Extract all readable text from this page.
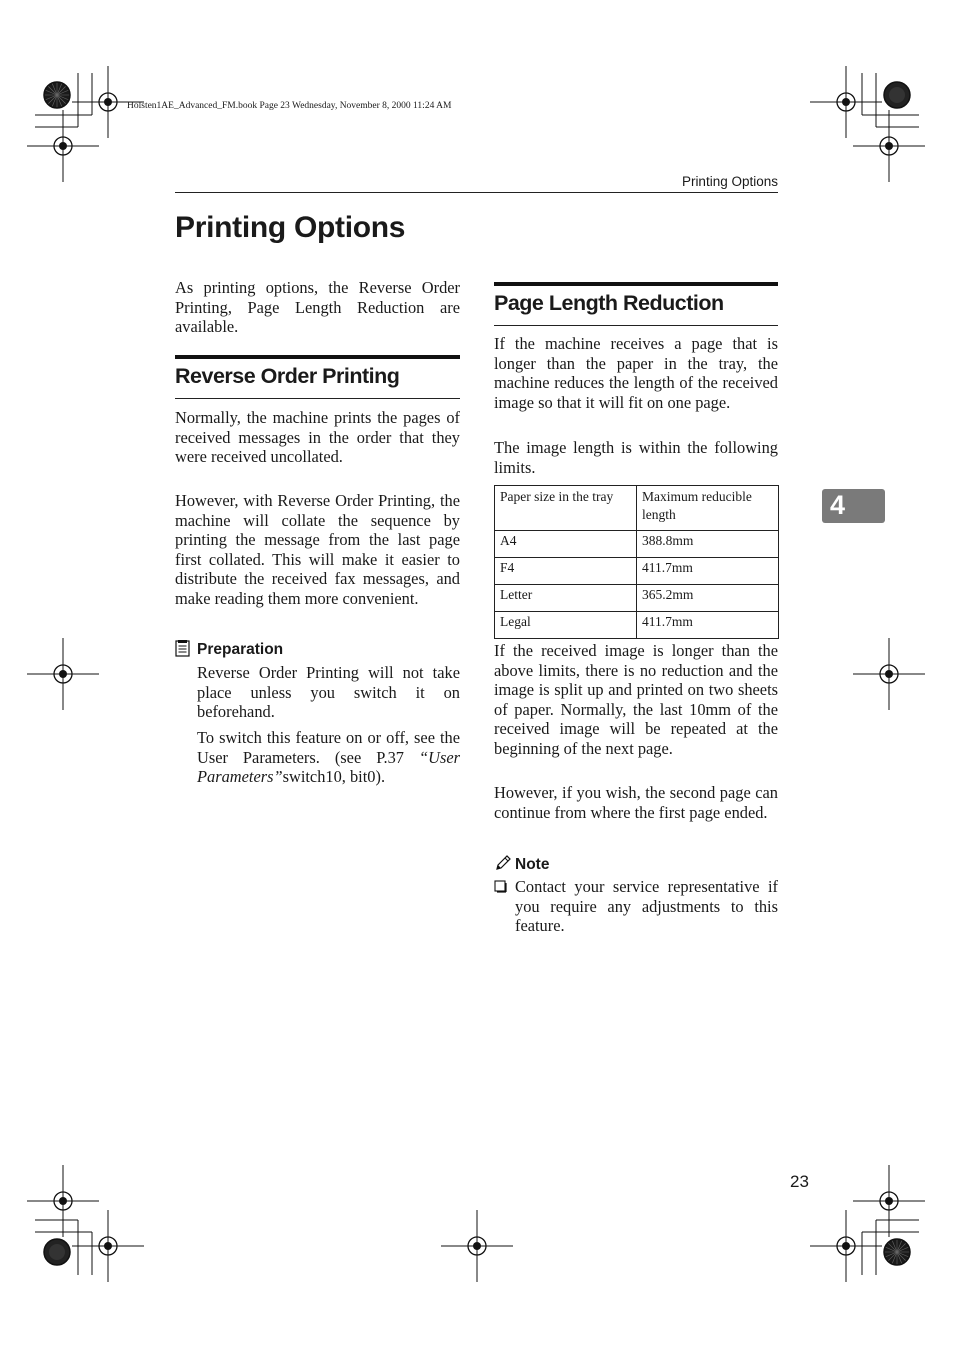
Holsten1AE_Advanced_FM.book Page 23 Wednesday, November 8, 2000 11:24 AM
Printing Options
Printing Options

As printing options, the Reverse Order Printing, Page Length Reduction are available.

Reverse Order Printing

Normally, the machine prints the pages of received messages in the order that they were received uncollated.

However, with Reverse Order Printing, the machine will collate the sequence by printing the message from the last page first collated. This will make it easier to distribute the received fax messages, and make reading them more convenient.

Preparation

Reverse Order Printing will not take place unless you switch it on beforehand.

To switch this feature on or off, see the User Parameters. (see P.37 “User Parameters”switch10, bit0).

Page Length Reduction

If the machine receives a page that is longer than the paper in the tray, the machine reduces the length of the received image so that it will fit on one page.

The image length is within the following limits.

Paper size in the tray	Maximum reducible length
A4	388.8mm
F4	411.7mm
Letter	365.2mm
Legal	411.7mm

If the received image is longer than the above limits, there is no reduction and the image is split up and printed on two sheets of paper. Normally, the last 10mm of the received image will be repeated at the beginning of the next page.

However, if you wish, the second page can continue from where the first page ended.

Note

Contact your service representative if you require any adjustments to this feature.

4
23
